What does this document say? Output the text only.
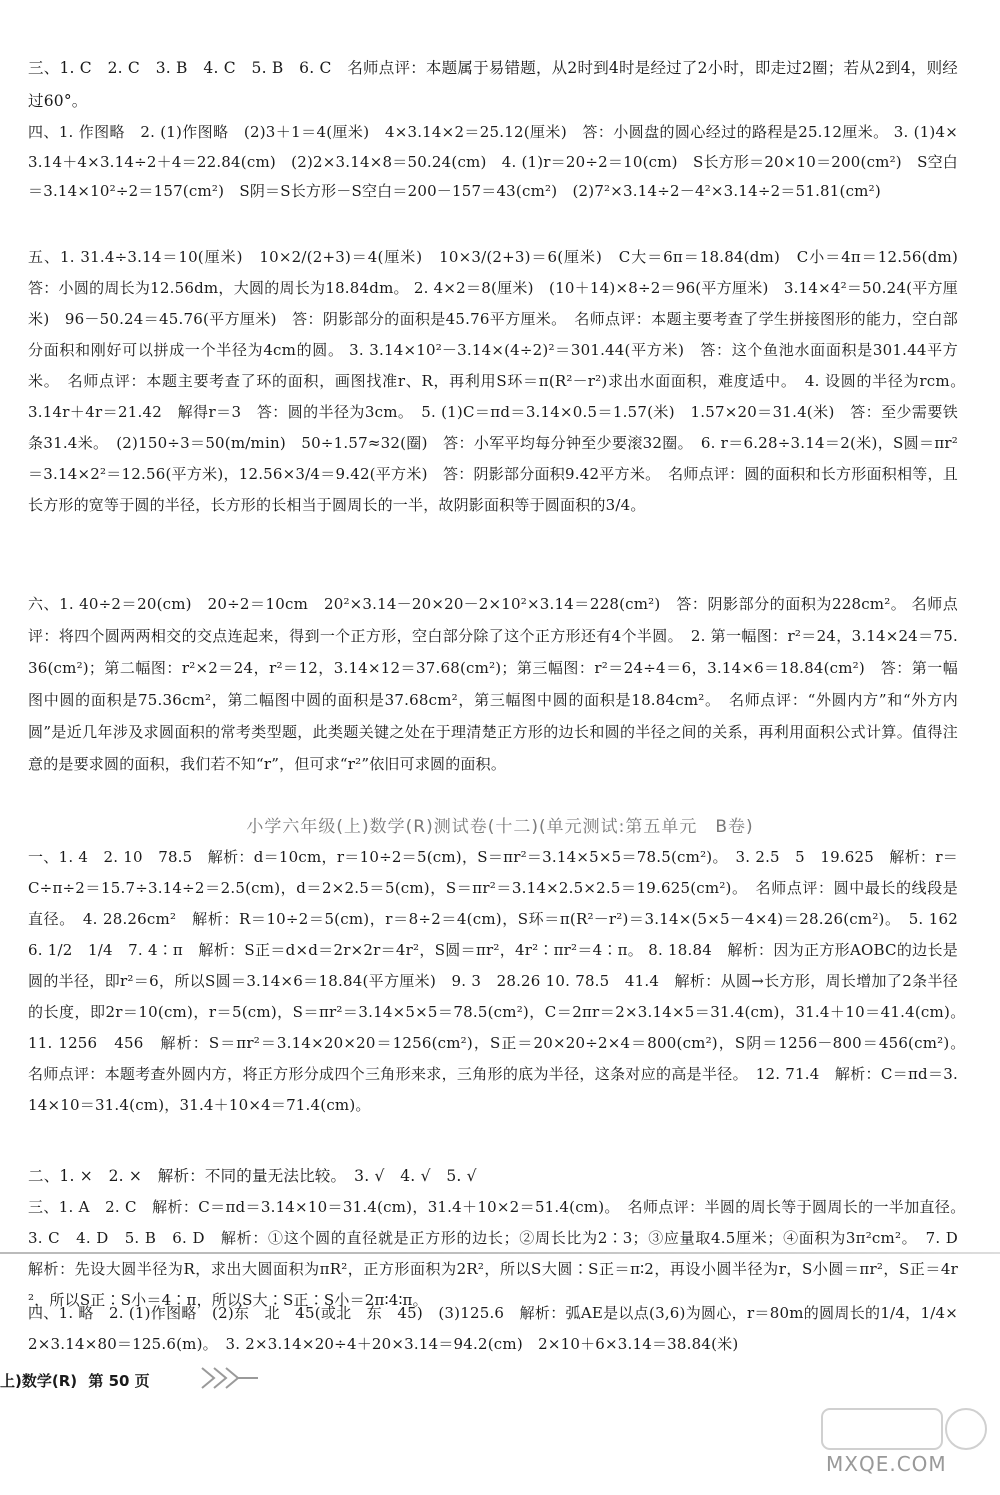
三、1. C　2. C　3. B　4. C　5. B　6. C　名师点评：本题属于易错题，从2时到4时是经过了2小时，即走过2圈；若从2到4，则经过60°。
四、1. 作图略　2. (1)作图略　(2)3＋1＝4(厘米)　4×3.14×2＝25.12(厘米)　答：小圆盘的圆心经过的路程是25.12厘米。 3. (1)4×3.14＋4×3.14÷2＋4＝22.84(cm)　(2)2×3.14×8＝50.24(cm)　4. (1)r＝20÷2＝10(cm)　S长方形＝20×10＝200(cm²)　S空白＝3.14×10²÷2＝157(cm²)　S阴＝S长方形－S空白＝200－157＝43(cm²)　(2)7²×3.14÷2－4²×3.14÷2＝51.81(cm²)
五、1. 31.4÷3.14＝10(厘米)　10×2/(2+3)＝4(厘米)　10×3/(2+3)＝6(厘米)　C大＝6π＝18.84(dm)　C小＝4π＝12.56(dm) 答：小圆的周长为12.56dm，大圆的周长为18.84dm。 2. 4×2＝8(厘米)　(10＋14)×8÷2＝96(平方厘米)　3.14×4²＝50.24(平方厘米)　96－50.24＝45.76(平方厘米)　答：阴影部分的面积是45.76平方厘米。　名师点评：本题主要考查了学生拼接图形的能力，空白部分面积和刚好可以拼成一个半径为4cm的圆。 3. 3.14×10²－3.14×(4÷2)²＝301.44(平方米)　答：这个鱼池水面面积是301.44平方米。　名师点评：本题主要考查了环的面积，画图找准r、R，再利用S环＝π(R²－r²)求出水面面积，难度适中。　4. 设圆的半径为rcm。　3.14r＋4r＝21.42　解得r＝3　答：圆的半径为3cm。　5. (1)C＝πd＝3.14×0.5＝1.57(米)　1.57×20＝31.4(米)　答：至少需要铁条31.4米。　(2)150÷3＝50(m/min)　50÷1.57≈32(圈)　答：小军平均每分钟至少要滚32圈。　6. r＝6.28÷3.14＝2(米)，S圆＝πr²＝3.14×2²＝12.56(平方米)，12.56×3/4＝9.42(平方米)　答：阴影部分面积9.42平方米。　名师点评：圆的面积和长方形面积相等，且长方形的宽等于圆的半径，长方形的长相当于圆周长的一半，故阴影面积等于圆面积的3/4。
六、1. 40÷2＝20(cm)　20÷2＝10cm　20²×3.14－20×20－2×10²×3.14＝228(cm²)　答：阴影部分的面积为228cm²。 名师点评：将四个圆两两相交的交点连起来，得到一个正方形，空白部分除了这个正方形还有4个半圆。　2. 第一幅图：r²＝24，3.14×24＝75.36(cm²)；第二幅图：r²×2＝24，r²＝12，3.14×12＝37.68(cm²)；第三幅图：r²＝24÷4＝6，3.14×6＝18.84(cm²)　答：第一幅图中圆的面积是75.36cm²，第二幅图中圆的面积是37.68cm²，第三幅图中圆的面积是18.84cm²。　名师点评：“外圆内方”和“外方内圆”是近几年涉及求圆面积的常考类型题，此类题关键之处在于理清楚正方形的边长和圆的半径之间的关系，再利用面积公式计算。值得注意的是要求圆的面积，我们若不知“r”，但可求“r²”依旧可求圆的面积。
小学六年级(上)数学(R)测试卷(十二)(单元测试:第五单元　B卷)
一、1. 4　2. 10　78.5　解析：d＝10cm，r＝10÷2＝5(cm)，S＝πr²＝3.14×5×5＝78.5(cm²)。　3. 2.5　5　19.625　解析：r＝C÷π÷2＝15.7÷3.14÷2＝2.5(cm)，d＝2×2.5＝5(cm)，S＝πr²＝3.14×2.5×2.5＝19.625(cm²)。　名师点评：圆中最长的线段是直径。　4. 28.26cm²　解析：R＝10÷2＝5(cm)，r＝8÷2＝4(cm)，S环＝π(R²－r²)＝3.14×(5×5－4×4)＝28.26(cm²)。　5. 162　6. 1/2　1/4　7. 4∶π　解析：S正＝d×d＝2r×2r＝4r²，S圆＝πr²，4r²∶πr²＝4∶π。 8. 18.84　解析：因为正方形AOBC的边长是圆的半径，即r²＝6，所以S圆＝3.14×6＝18.84(平方厘米)　9. 3　28.26 10. 78.5　41.4　解析：从圆→长方形，周长增加了2条半径的长度，即2r＝10(cm)，r＝5(cm)，S＝πr²＝3.14×5×5＝78.5(cm²)，C＝2πr＝2×3.14×5＝31.4(cm)，31.4＋10＝41.4(cm)。　11. 1256　456　解析：S＝πr²＝3.14×20×20＝1256(cm²)，S正＝20×20÷2×4＝800(cm²)，S阴＝1256－800＝456(cm²)。　名师点评：本题考查外圆内方，将正方形分成四个三角形来求，三角形的底为半径，这条对应的高是半径。　12. 71.4　解析：C＝πd＝3.14×10＝31.4(cm)，31.4＋10×4＝71.4(cm)。
二、1. ×　2. ×　解析：不同的量无法比较。　3. √　4. √　5. √
三、1. A　2. C　解析：C＝πd＝3.14×10＝31.4(cm)，31.4＋10×2＝51.4(cm)。　名师点评：半圆的周长等于圆周长的一半加直径。　3. C　4. D　5. B　6. D　解析：①这个圆的直径就是正方形的边长；②周长比为2∶3；③应量取4.5厘米；④面积为3π²cm²。　7. D　解析：先设大圆半径为R，求出大圆面积为πR²，正方形面积为2R²，所以S大圆∶S正＝π∶2，再设小圆半径为r，S小圆＝πr²，S正＝4r²，所以S正∶S小＝4∶π，所以S大∶S正∶S小＝2π∶4∶π。
四、1. 略　2. (1)作图略　(2)东　北　45(或北　东　45)　(3)125.6　解析：弧AE是以点(3,6)为圆心，r＝80m的圆周长的1/4，1/4×2×3.14×80＝125.6(m)。　3. 2×3.14×20÷4＋20×3.14＝94.2(cm)　2×10＋6×3.14＝38.84(米)
上)数学(R) 第 50 页
MXQE.COM
